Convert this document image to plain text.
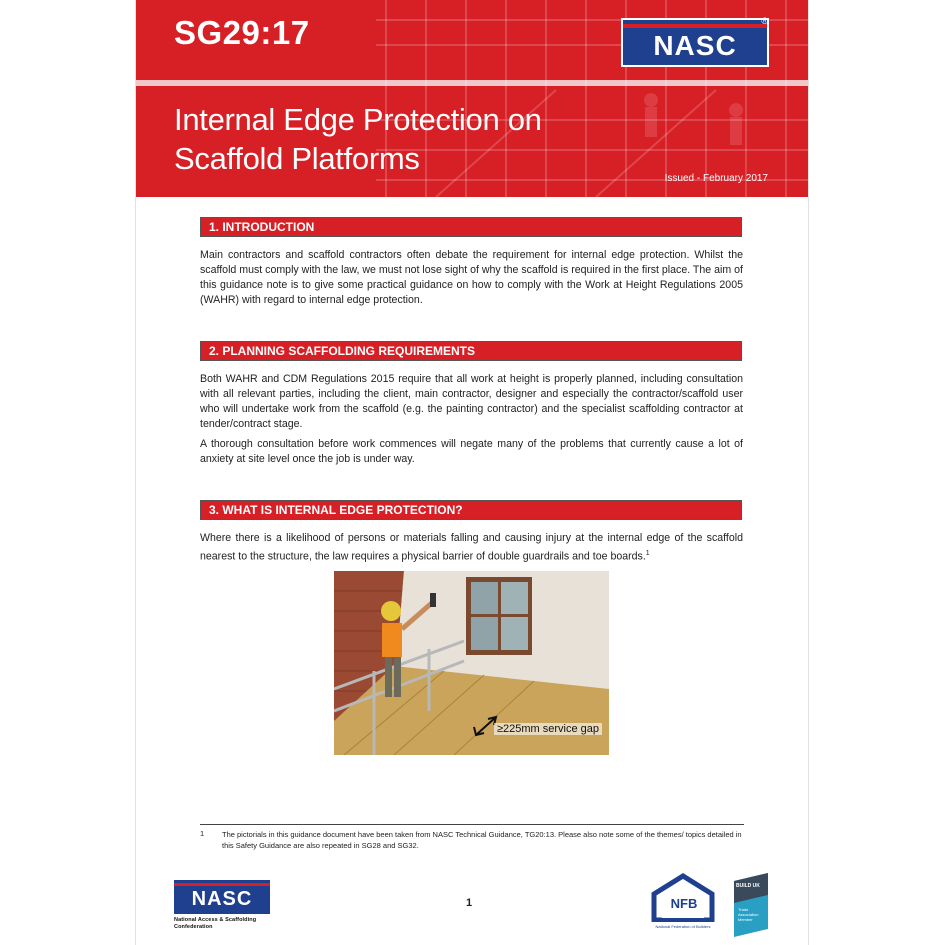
SG29:17	NASC
®
Internal Edge Protection on
Scaffold Platforms
Issued - February 2017
1. INTRODUCTION

Main contractors and scaffold contractors often debate the requirement for internal edge protection. Whilst the scaffold must comply with the law, we must not lose sight of why the scaffold is required in the first place. The aim of this guidance note is to give some practical guidance on how to comply with the Work at Height Regulations 2005 (WAHR) with regard to internal edge protection.

2. PLANNING SCAFFOLDING REQUIREMENTS

Both WAHR and CDM Regulations 2015 require that all work at height is properly planned, including consultation with all relevant parties, including the client, main contractor, designer and especially the contractor/scaffold user who will undertake work from the scaffold (e.g. the painting contractor) and the specialist scaffolding contractor at tender/contract stage.

A thorough consultation before work commences will negate many of the problems that currently cause a lot of anxiety at site level once the job is under way.

3. WHAT IS INTERNAL EDGE PROTECTION?

Where there is a likelihood of persons or materials falling and causing injury at the internal edge of the scaffold nearest to the structure, the law requires a physical barrier of double guardrails and toe boards.$^1$

≥225mm service gap
1 The pictorials in this guidance document have been taken from NASC Technical Guidance, TG20:13. Please also note some of the themes/ topics detailed in this Safety Guidance are also repeated in SG28 and SG32.

NASC
National Access & Scaffolding
Confederation
1	NFB
National Federation of Builders
BUILD UK
Trade
Association
Member
